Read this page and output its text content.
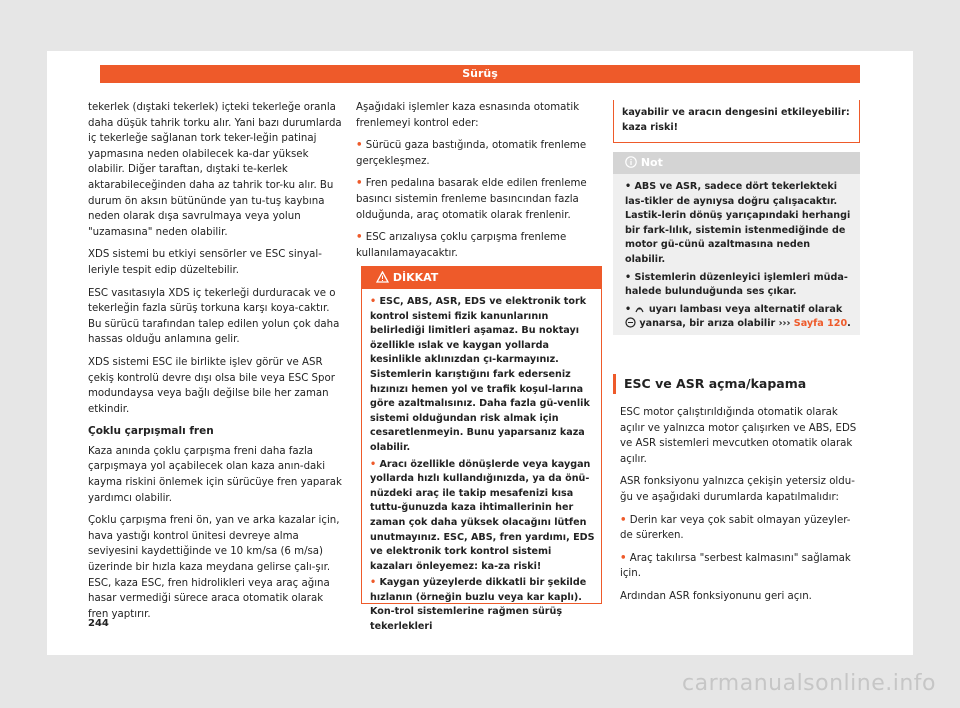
Sürüş

tekerlek (dıştaki tekerlek) içteki tekerleğe oranla daha düşük tahrik torku alır. Yani bazı durumlarda iç tekerleğe sağlanan tork teker-leğin patinaj yapmasına neden olabilecek ka-dar yüksek olabilir. Diğer taraftan, dıştaki te-kerlek aktarabileceğinden daha az tahrik tor-ku alır. Bu durum ön aksın bütününde yan tu-tuş kaybına neden olarak dışa savrulmaya veya yolun "uzamasına" neden olabilir.

XDS sistemi bu etkiyi sensörler ve ESC sinyal-leriyle tespit edip düzeltebilir.

ESC vasıtasıyla XDS iç tekerleği durduracak ve o tekerleğin fazla sürüş torkuna karşı koya-caktır. Bu sürücü tarafından talep edilen yolun çok daha hassas olduğu anlamına gelir.

XDS sistemi ESC ile birlikte işlev görür ve ASR çekiş kontrolü devre dışı olsa bile veya ESC Spor modundaysa veya bağlı değilse bile her zaman etkindir.

Çoklu çarpışmalı fren

Kaza anında çoklu çarpışma freni daha fazla çarpışmaya yol açabilecek olan kaza anın-daki kayma riskini önlemek için sürücüye fren yaparak yardımcı olabilir.

Çoklu çarpışma freni ön, yan ve arka kazalar için, hava yastığı kontrol ünitesi devreye alma seviyesini kaydettiğinde ve 10 km/sa (6 m/sa) üzerinde bir hızla kaza meydana gelirse çalı-şır. ESC, kaza ESC, fren hidrolikleri veya araç ağına hasar vermediği sürece araca otomatik olarak fren yaptırır.

Aşağıdaki işlemler kaza esnasında otomatik frenlemeyi kontrol eder:

• Sürücü gaza bastığında, otomatik frenleme gerçekleşmez.

• Fren pedalına basarak elde edilen frenleme basıncı sistemin frenleme basıncından fazla olduğunda, araç otomatik olarak frenlenir.

• ESC arızalıysa çoklu çarpışma frenleme kullanılamayacaktır.

DİKKAT

• ESC, ABS, ASR, EDS ve elektronik tork kontrol sistemi fizik kanunlarının belirlediği limitleri aşamaz. Bu noktayı özellikle ıslak ve kaygan yollarda kesinlikle aklınızdan çı-karmayınız. Sistemlerin karıştığını fark ederseniz hızınızı hemen yol ve trafik koşul-larına göre azaltmalısınız. Daha fazla gü-venlik sistemi olduğundan risk almak için cesaretlenmeyin. Bunu yaparsanız kaza olabilir.

• Aracı özellikle dönüşlerde veya kaygan yollarda hızlı kullandığınızda, ya da önü-nüzdeki araç ile takip mesafenizi kısa tuttu-ğunuzda kaza ihtimallerinin her zaman çok daha yüksek olacağını lütfen unutmayınız. ESC, ABS, fren yardımı, EDS ve elektronik tork kontrol sistemi kazaları önleyemez: ka-za riski!

• Kaygan yüzeylerde dikkatli bir şekilde hızlanın (örneğin buzlu veya kar kaplı). Kon-trol sistemlerine rağmen sürüş tekerlekleri

kayabilir ve aracın dengesini etkileyebilir: kaza riski!
Not

• ABS ve ASR, sadece dört tekerlekteki las-tikler de aynıysa doğru çalışacaktır. Lastik-lerin dönüş yarıçapındaki herhangi bir fark-lılık, sistemin istenmediğinde de motor gü-cünü azaltmasına neden olabilir.

• Sistemlerin düzenleyici işlemleri müda-halede bulunduğunda ses çıkar.

• uyarı lambası veya alternatif olarak  yanarsa, bir arıza olabilir ››› Sayfa 120.

ESC ve ASR açma/kapama

ESC motor çalıştırıldığında otomatik olarak açılır ve yalnızca motor çalışırken ve ABS, EDS ve ASR sistemleri mevcutken otomatik olarak açılır.

ASR fonksiyonu yalnızca çekişin yetersiz oldu-ğu ve aşağıdaki durumlarda kapatılmalıdır:

• Derin kar veya çok sabit olmayan yüzeyler-de sürerken.

• Araç takılırsa "serbest kalmasını" sağlamak için.

Ardından ASR fonksiyonunu geri açın.

244
carmanualsonline.info
